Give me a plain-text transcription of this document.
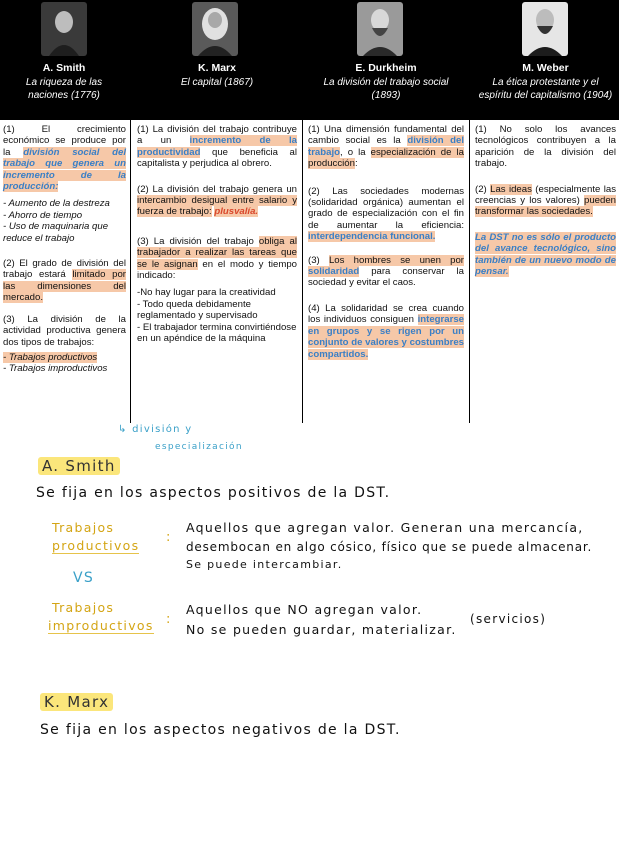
A. Smith
La riqueza de las naciones (1776)
K. Marx
El capital (1867)
E. Durkheim
La división del trabajo social (1893)
M. Weber
La ética protestante y el espíritu del capitalismo (1904)

(1) El crecimiento económico se produce por la división social del trabajo que genera un incremento de la producción:

- Aumento de la destreza
- Ahorro de tiempo
- Uso de maquinaria que reduce el trabajo

(2) El grado de división del trabajo estará limitado por las dimensiones del mercado.

(3) La división de la actividad productiva genera dos tipos de trabajos:

- Trabajos productivos
- Trabajos improductivos

(1) La división del trabajo contribuye a un incremento de la productividad que beneficia al capitalista y perjudica al obrero.

(2) La división del trabajo genera un intercambio desigual entre salario y fuerza de trabajo: plusvalía.

(3) La división del trabajo obliga al trabajador a realizar las tareas que se le asignan en el modo y tiempo indicado:

-No hay lugar para la creatividad
- Todo queda debidamente reglamentado y supervisado
- El trabajador termina convirtiéndose en un apéndice de la máquina

(1) Una dimensión fundamental del cambio social es la división del trabajo, o la especialización de la producción:

(2) Las sociedades modernas (solidaridad orgánica) aumentan el grado de especialización con el fin de aumentar la eficiencia: interdependencia funcional.

(3) Los hombres se unen por solidaridad para conservar la sociedad y evitar el caos.

(4) La solidaridad se crea cuando los individuos consiguen integrarse en grupos y se rigen por un conjunto de valores y costumbres compartidos.

(1) No solo los avances tecnológicos contribuyen a la aparición de la división del trabajo.

(2) Las ideas (especialmente las creencias y los valores) pueden transformar las sociedades.

La DST no es sólo el producto del avance tecnológico, sino también de un nuevo modo de pensar.

↳ división y
especialización
A. Smith
Se fija en los aspectos positivos de la DST.
Trabajos
productivos
:
Aquellos que agregan valor. Generan una mercancía,
desembocan en algo cósico, físico que se puede almacenar.
Se puede intercambiar.
VS
Trabajos
improductivos :
Aquellos que NO agregan valor.
No se pueden guardar, materializar.
(servicios)
K. Marx
Se fija en los aspectos negativos de la DST.
